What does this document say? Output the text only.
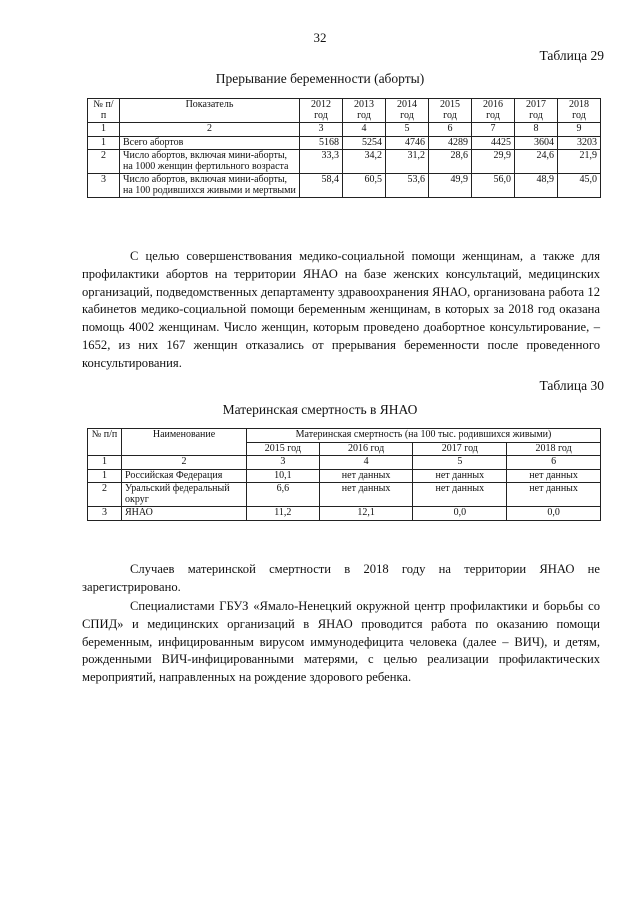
32
Таблица 29
Прерывание беременности (аборты)
№ п/п	Показатель	2012 год	2013 год	2014 год	2015 год	2016 год	2017 год	2018 год
1	2	3	4	5	6	7	8	9
1	Всего абортов	5168	5254	4746	4289	4425	3604	3203
2	Число абортов, включая мини-аборты, на 1000 женщин фертильного возраста	33,3	34,2	31,2	28,6	29,9	24,6	21,9
3	Число абортов, включая мини-аборты, на 100 родившихся живыми и мертвыми	58,4	60,5	53,6	49,9	56,0	48,9	45,0

С целью совершенствования медико-социальной помощи женщинам, а также для профилактики абортов на территории ЯНАО на базе женских консультаций, медицинских организаций, подведомственных департаменту здравоохранения ЯНАО, организована работа 12 кабинетов медико-социальной помощи беременным женщинам, в которых за 2018 год оказана помощь 4002 женщинам. Число женщин, которым проведено доабортное консультирование, – 1652, из них 167 женщин отказались от прерывания беременности после проведенного консультирования.

Таблица 30
Материнская смертность в ЯНАО
№ п/п	Наименование	Материнская смертность (на 100 тыс. родившихся живыми)			
		2015 год	2016 год	2017 год	2018 год
1	2	3	4	5	6
1	Российская Федерация	10,1	нет данных	нет данных	нет данных
2	Уральский федеральный округ	6,6	нет данных	нет данных	нет данных
3	ЯНАО	11,2	12,1	0,0	0,0

Случаев материнской смертности в 2018 году на территории ЯНАО не зарегистрировано.

Специалистами ГБУЗ «Ямало-Ненецкий окружной центр профилактики и борьбы со СПИД» и медицинских организаций в ЯНАО проводится работа по оказанию помощи беременным, инфицированным вирусом иммунодефицита человека (далее – ВИЧ), и детям, рожденными ВИЧ-инфицированными матерями, с целью реализации профилактических мероприятий, направленных на рождение здорового ребенка.
